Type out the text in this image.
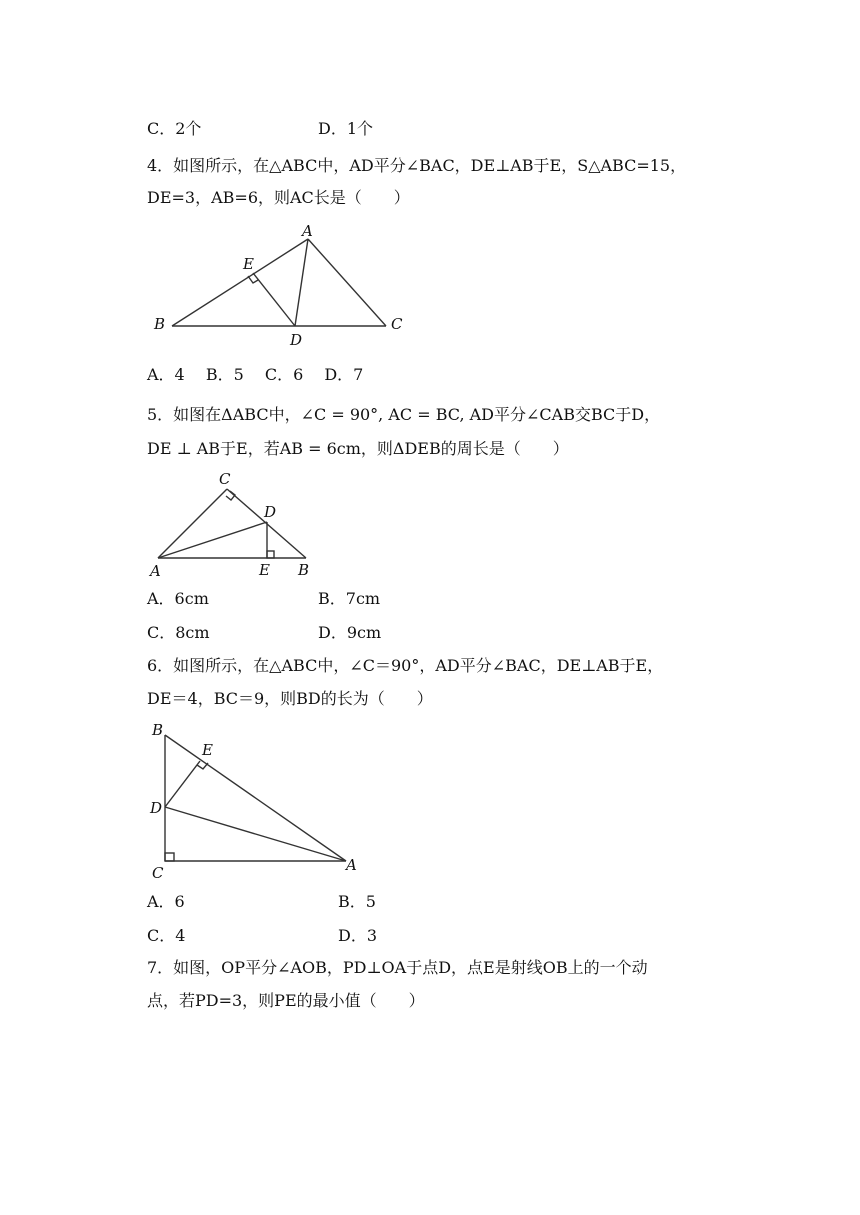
C．2个	D．1个
4．如图所示，在△ABC中，AD平分∠BAC，DE⊥AB于E，S△ABC=15，
DE=3，AB=6，则AC长是（　　）
A
B	C
D
E
A．4　 B．5　 C．6　 D．7
5．如图在ΔABC中，∠C = 90°, AC = BC, AD平分∠CAB交BC于D，
DE ⊥ AB于E，若AB = 6cm，则ΔDEB的周长是（　　）
C
D
A	E B
A．6cm	B．7cm
C．8cm	D．9cm
6．如图所示，在△ABC中，∠C＝90°，AD平分∠BAC，DE⊥AB于E，
DE＝4，BC＝9，则BD的长为（　　）
B
E
D
C	A
A．6	B．5
C．4	D．3
7．如图，OP平分∠AOB，PD⊥OA于点D，点E是射线OB上的一个动
点，若PD=3，则PE的最小值（　　）
